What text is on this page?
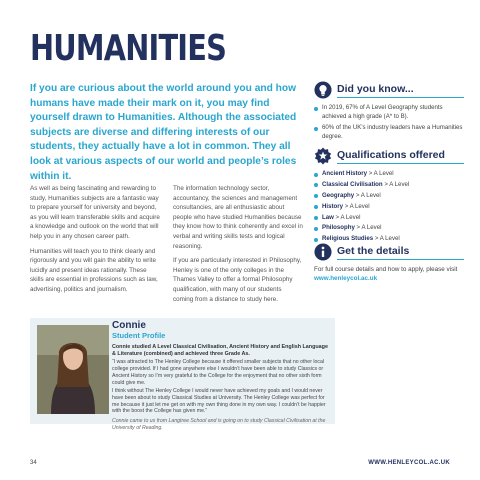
HUMANITIES

If you are curious about the world around you and how humans have made their mark on it, you may find yourself drawn to Humanities. Although the associated subjects are diverse and differing interests of our students, they actually have a lot in common. They all look at various aspects of our world and people’s roles within it.

As well as being fascinating and rewarding to study, Humanities subjects are a fantastic way to prepare yourself for university and beyond, as you will learn transferable skills and acquire a knowledge and outlook on the world that will help you in any chosen career path.

Humanities will teach you to think clearly and rigorously and you will gain the ability to write lucidly and present ideas rationally. These skills are essential in professions such as law, advertising, politics and journalism.

The information technology sector, accountancy, the sciences and management consultancies, are all enthusiastic about people who have studied Humanities because they know how to think coherently and excel in verbal and writing skills tests and logical reasoning.

If you are particularly interested in Philosophy, Henley is one of the only colleges in the Thames Valley to offer a formal Philosophy qualification, with many of our students coming from a distance to study here.

Did you know...
In 2019, 67% of A Level Geography students achieved a high grade (A* to B).
60% of the UK’s industry leaders have a Humanities degree.
Qualifications offered
Ancient History > A Level
Classical Civilisation > A Level
Geography > A Level
History > A Level
Law > A Level
Philosophy > A Level
Religious Studies > A Level
Get the details

For full course details and how to apply, please visit www.henleycol.ac.uk

Connie
Student Profile

Connie studied A Level Classical Civilisation, Ancient History and English Language & Literature (combined) and achieved three Grade As.

“I was attracted to The Henley College because it offered smaller subjects that no other local college provided. If I had gone anywhere else I wouldn’t have been able to study Classics or Ancient History so I’m very grateful to the College for the enjoyment that no other sixth form could give me.

I think without The Henley College I would never have achieved my goals and I would never have been about to study Classical Studies at University. The Henley College was perfect for me because it just let me get on with my own thing done in my own way. I couldn’t be happier with the boost the College has given me.”

Connie came to us from Langtree School and is going on to study Classical Civilisation at the University of Reading.

34	WWW.HENLEYCOL.AC.UK
